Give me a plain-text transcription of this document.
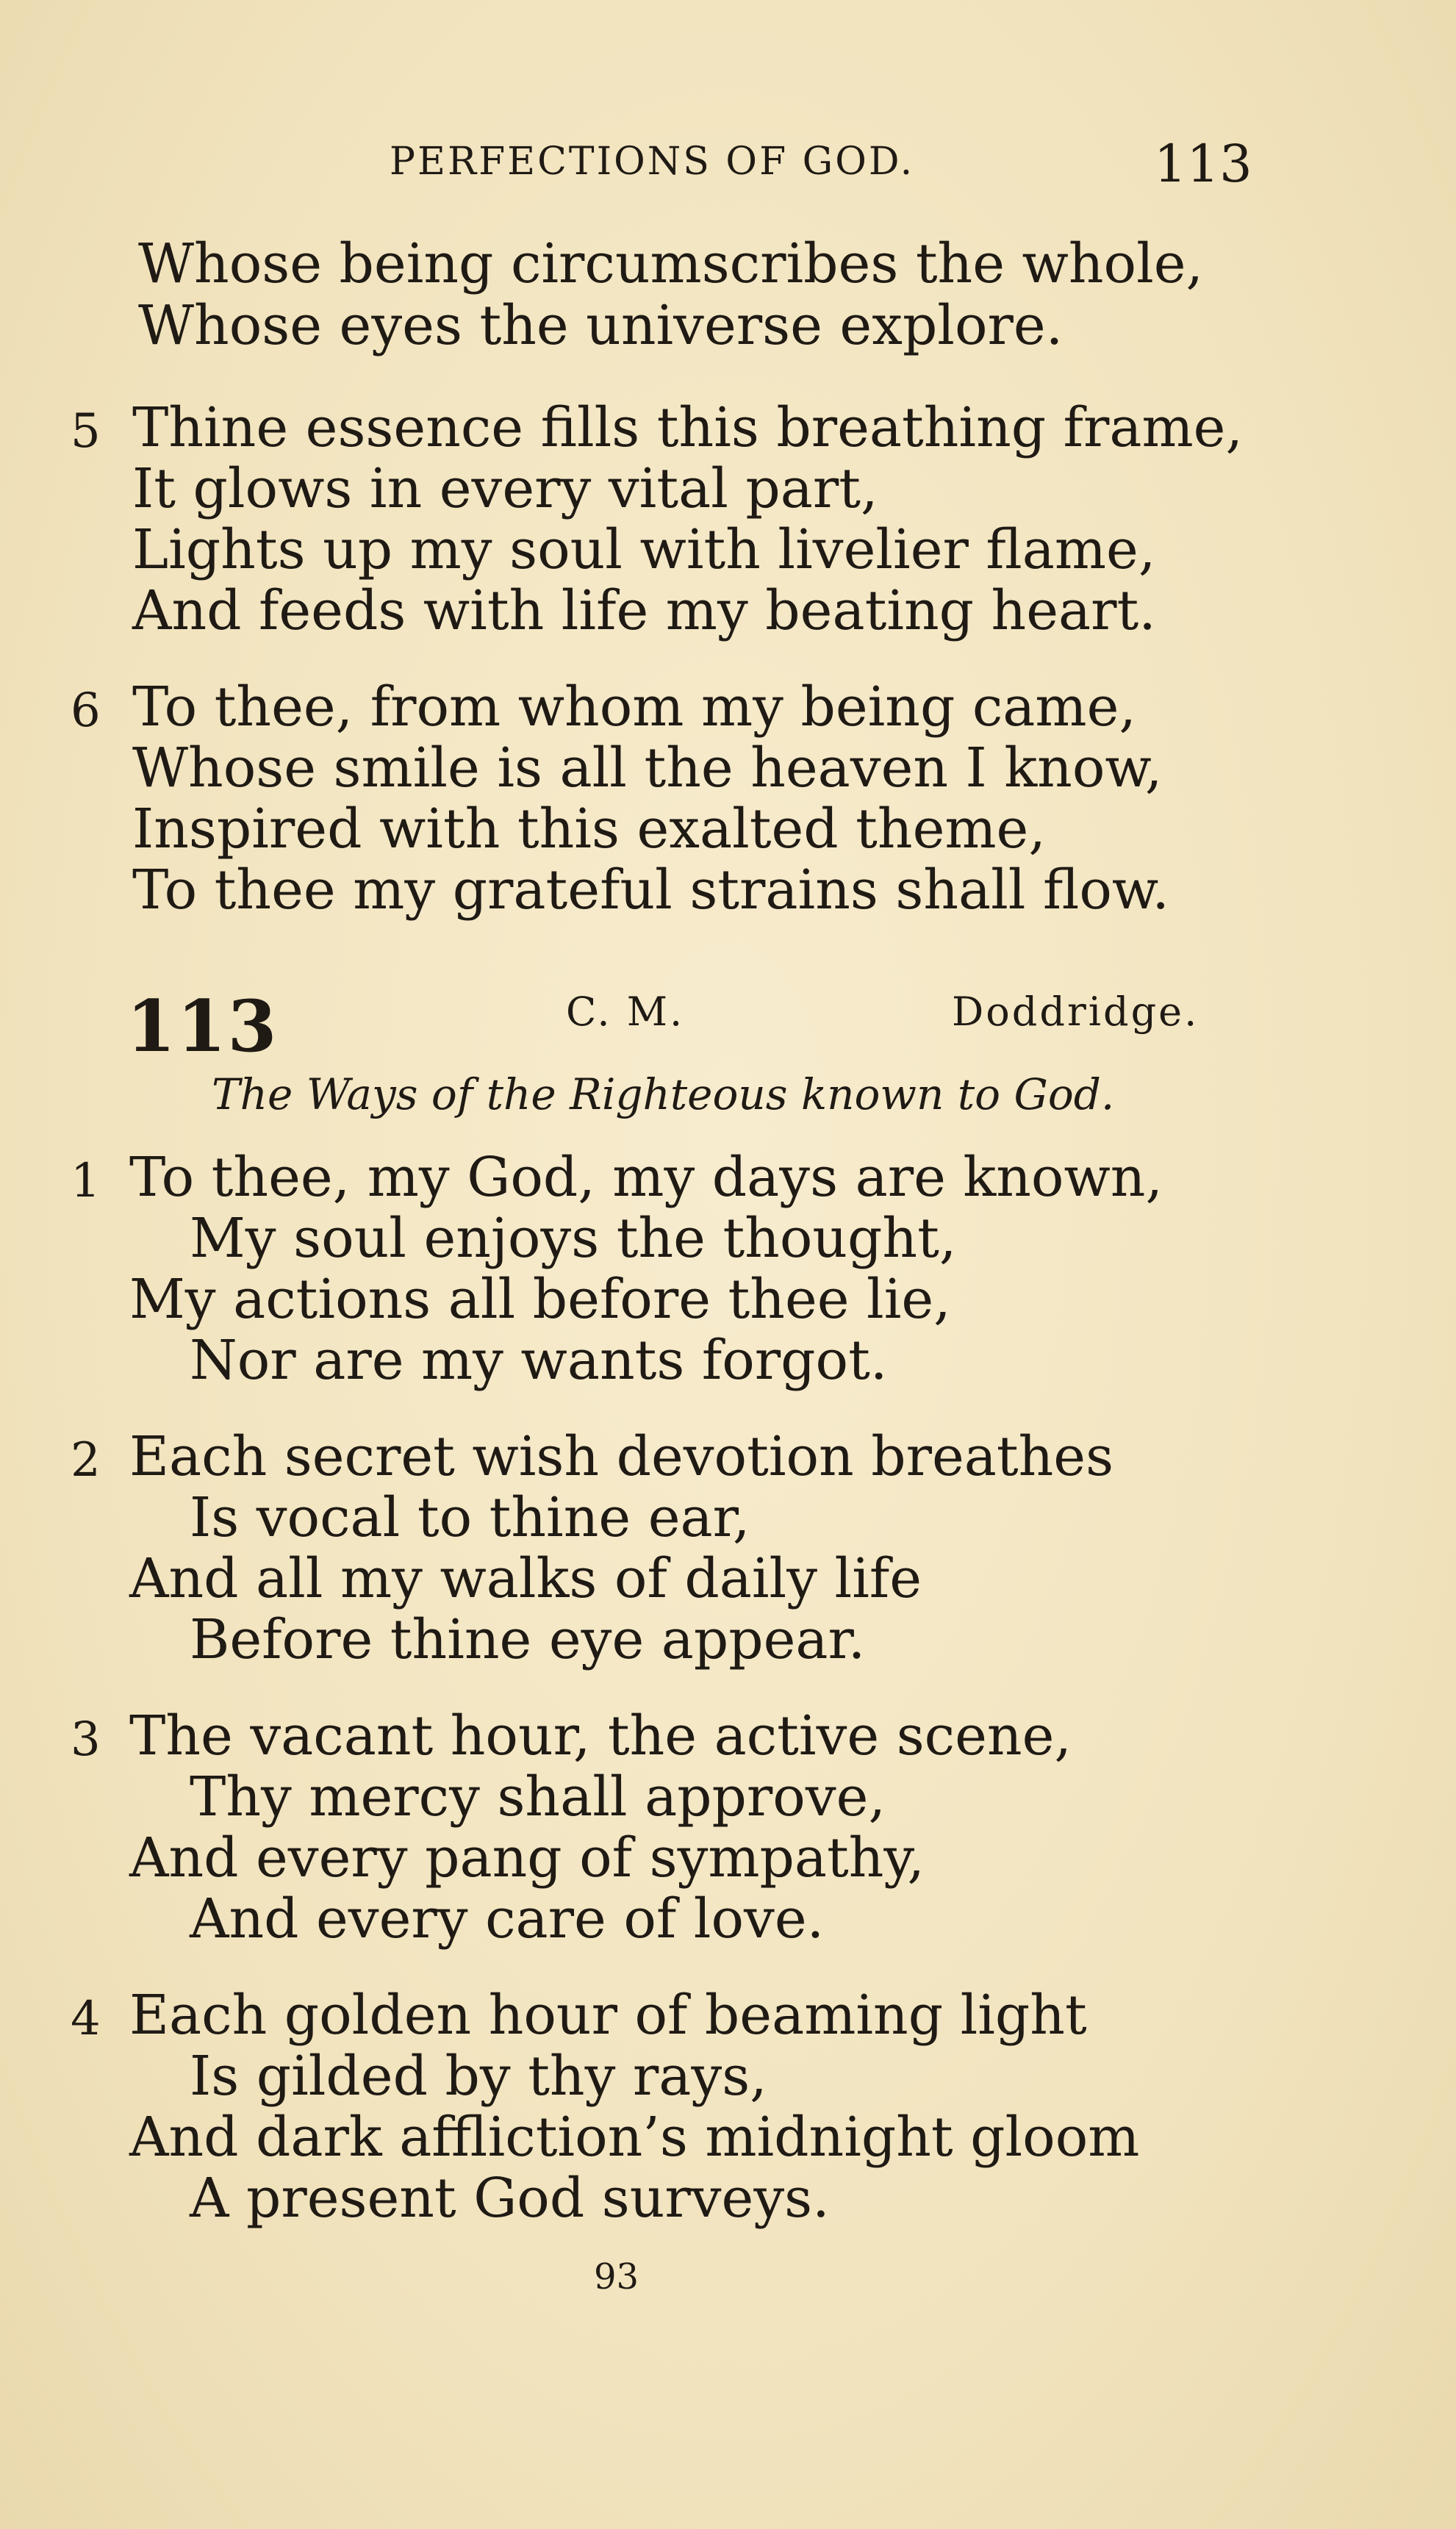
PERFECTIONS OF GOD.	113
Whose being circumscribes the whole,
Whose eyes the universe explore.
5 Thine essence fills this breathing frame,
It glows in every vital part,
Lights up my soul with livelier flame,
And feeds with life my beating heart.
6 To thee, from whom my being came,
Whose smile is all the heaven I know,
Inspired with this exalted theme,
To thee my grateful strains shall flow.
113	C. M.	Doddridge.
The Ways of the Righteous known to God.
1 To thee, my God, my days are known,
My soul enjoys the thought,
My actions all before thee lie,
Nor are my wants forgot.
2 Each secret wish devotion breathes
Is vocal to thine ear,
And all my walks of daily life
Before thine eye appear.
3 The vacant hour, the active scene,
Thy mercy shall approve,
And every pang of sympathy,
And every care of love.
4 Each golden hour of beaming light
Is gilded by thy rays,
And dark affliction’s midnight gloom
A present God surveys.
93
